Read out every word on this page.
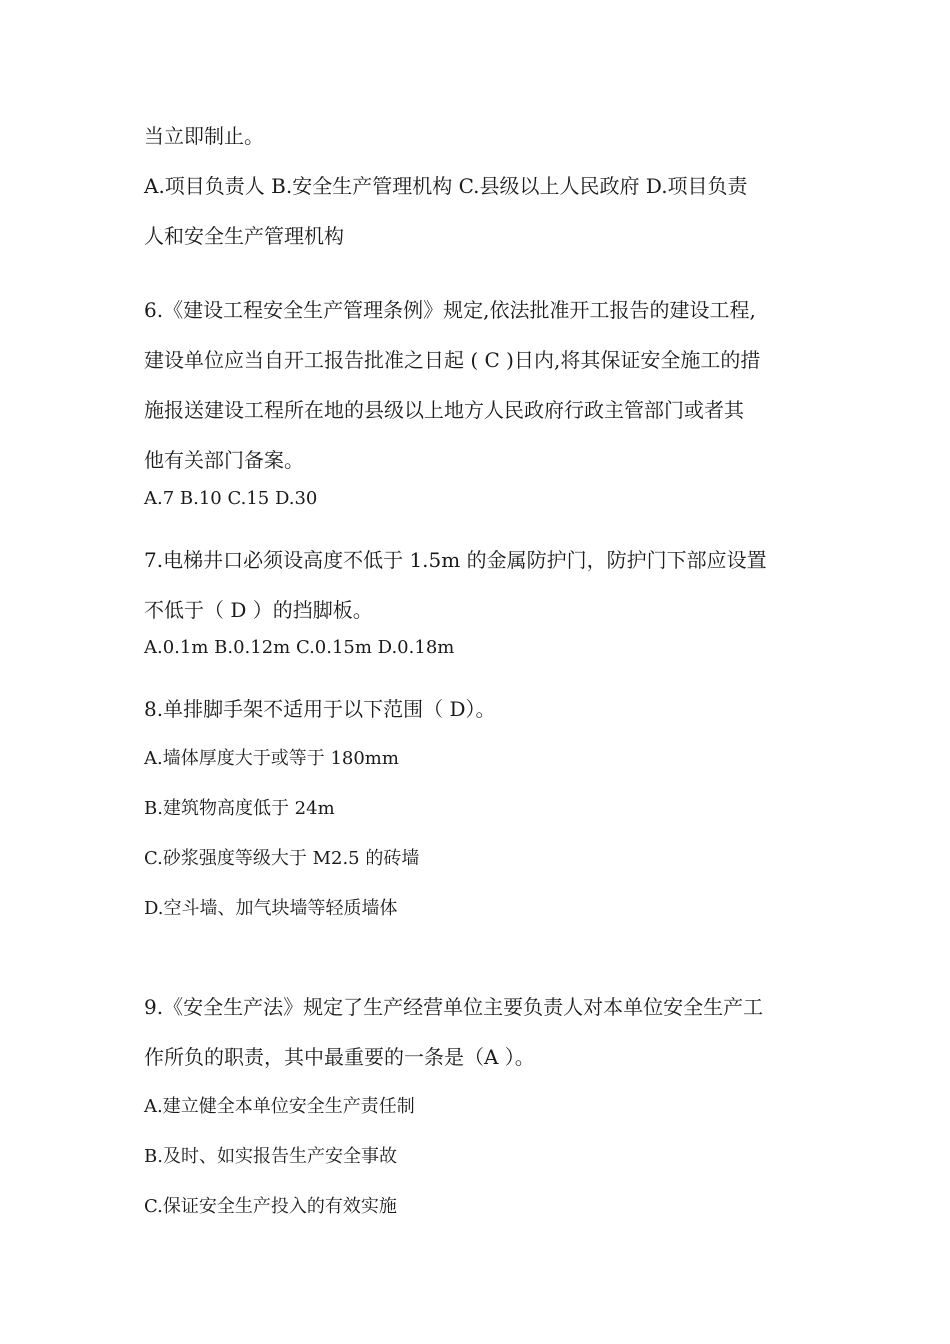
当立即制止。
A.项目负责人 B.安全生产管理机构 C.县级以上人民政府 D.项目负责
人和安全生产管理机构
6.《建设工程安全生产管理条例》规定,依法批准开工报告的建设工程,
建设单位应当自开工报告批准之日起 ( C )日内,将其保证安全施工的措
施报送建设工程所在地的县级以上地方人民政府行政主管部门或者其
他有关部门备案。
A.7 B.10 C.15 D.30
7.电梯井口必须设高度不低于 1.5m 的金属防护门，防护门下部应设置
不低于（ D ）的挡脚板。
A.0.1m B.0.12m C.0.15m D.0.18m
8.单排脚手架不适用于以下范围（ D）。
A.墙体厚度大于或等于 180mm
B.建筑物高度低于 24m
C.砂浆强度等级大于 M2.5 的砖墙
D.空斗墙、加气块墙等轻质墙体
9.《安全生产法》规定了生产经营单位主要负责人对本单位安全生产工
作所负的职责，其中最重要的一条是（A ）。
A.建立健全本单位安全生产责任制
B.及时、如实报告生产安全事故
C.保证安全生产投入的有效实施
